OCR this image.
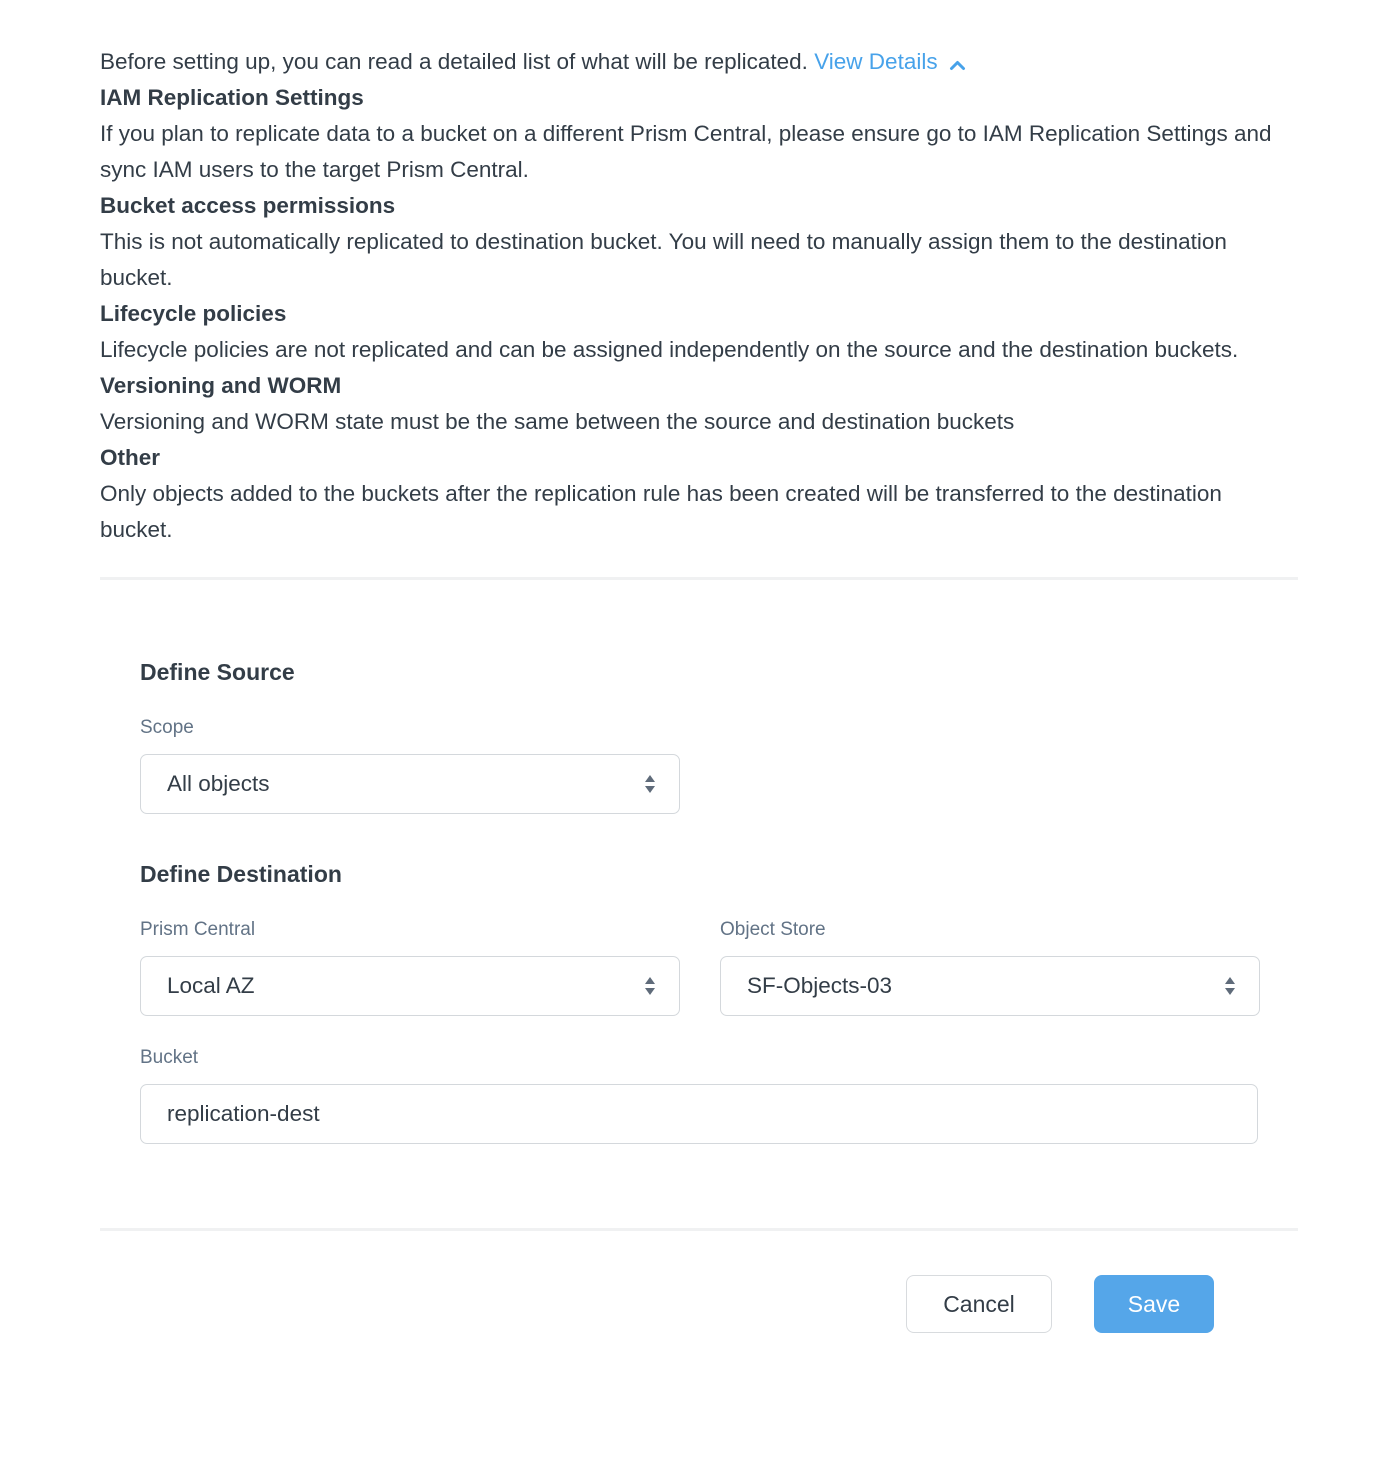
Before setting up, you can read a detailed list of what will be replicated. View Details
IAM Replication Settings
If you plan to replicate data to a bucket on a different Prism Central, please ensure go to IAM Replication Settings and sync IAM users to the target Prism Central.
Bucket access permissions
This is not automatically replicated to destination bucket. You will need to manually assign them to the destination bucket.
Lifecycle policies
Lifecycle policies are not replicated and can be assigned independently on the source and the destination buckets.
Versioning and WORM
Versioning and WORM state must be the same between the source and destination buckets
Other
Only objects added to the buckets after the replication rule has been created will be transferred to the destination bucket.
Define Source
Scope
All objects
Define Destination
Prism Central
Local AZ
Object Store
SF-Objects-03
Bucket
replication-dest
Cancel	Save
